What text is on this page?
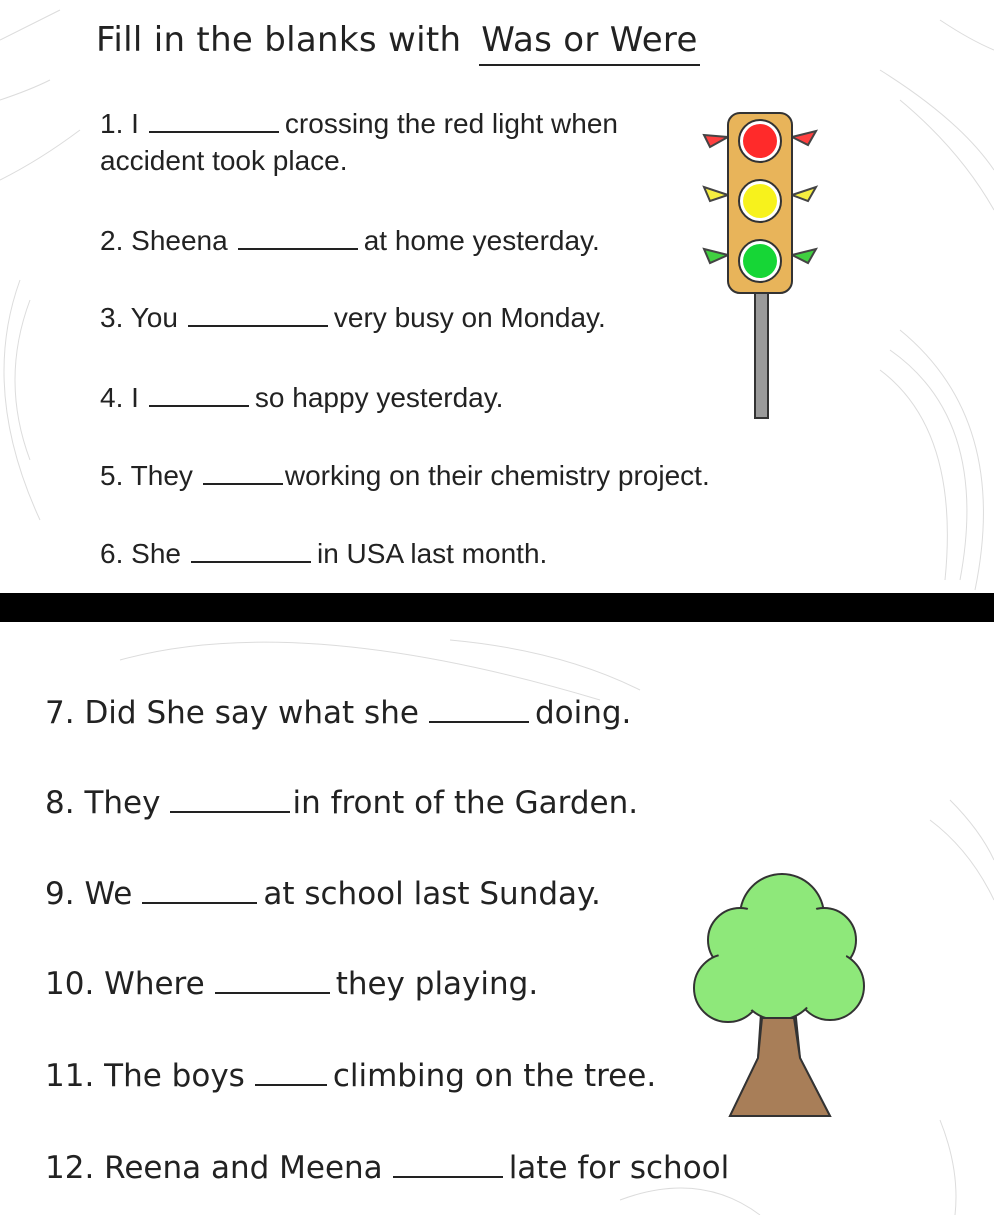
Fill in the blanks with Was or Were
1. I	crossing the red light when
accident took place.
2. Sheena	at home yesterday.
3. You	very busy on Monday.
4. I	so happy yesterday.
5. They	working on their chemistry project.
6. She	in USA last month.
7. Did She say what she	doing.
8. They	in front of the Garden.
9. We	at school last Sunday.
10. Where	they playing.
11. The boys	climbing on the tree.
12. Reena and Meena	late for school
